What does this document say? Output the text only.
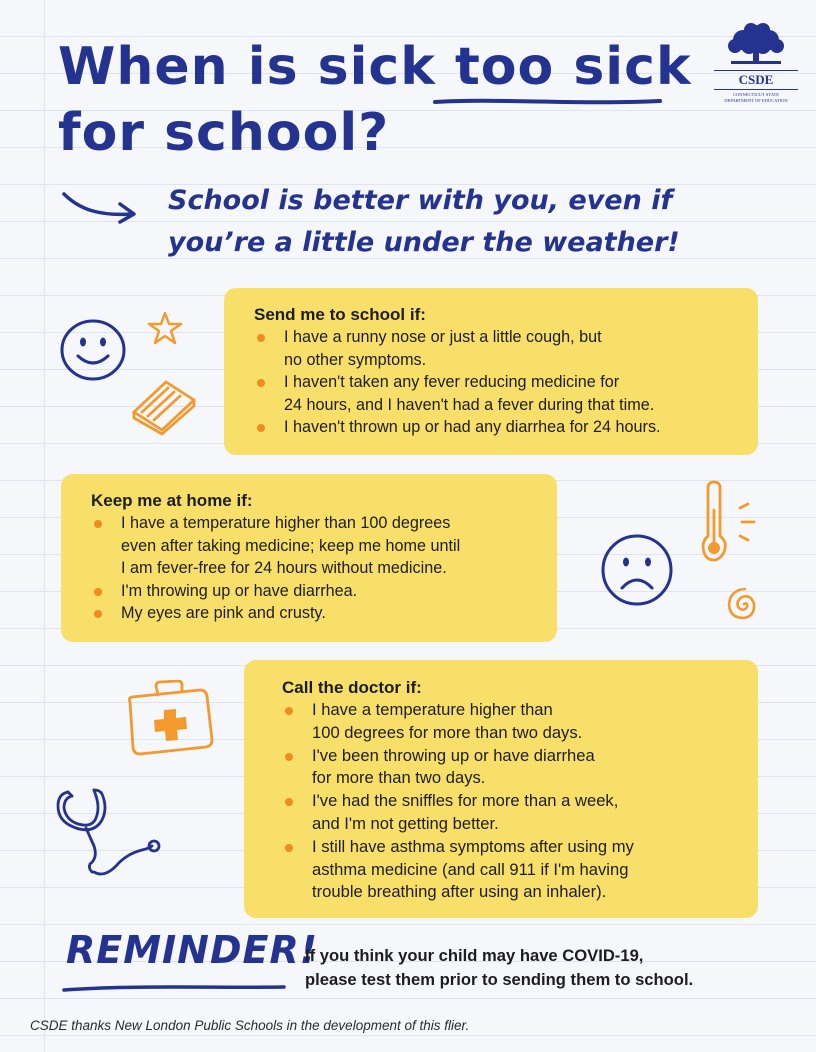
When is sick too sick
for school?
CSDE
CONNECTICUT STATE
DEPARTMENT OF EDUCATION

School is better with you, even if
you’re a little under the weather!

Send me to school if:
I have a runny nose or just a little cough, but
no other symptoms.
I haven't taken any fever reducing medicine for
24 hours, and I haven't had a fever during that time.
I haven't thrown up or had any diarrhea for 24 hours.
Keep me at home if:
I have a temperature higher than 100 degrees
even after taking medicine; keep me home until
I am fever-free for 24 hours without medicine.
I'm throwing up or have diarrhea.
My eyes are pink and crusty.
Call the doctor if:
I have a temperature higher than
100 degrees for more than two days.
I've been throwing up or have diarrhea
for more than two days.
I've had the sniffles for more than a week,
and I'm not getting better.
I still have asthma symptoms after using my
asthma medicine (and call 911 if I'm having
trouble breathing after using an inhaler).
REMINDER!

If you think your child may have COVID-19,
please test them prior to sending them to school.

CSDE thanks New London Public Schools in the development of this flier.
